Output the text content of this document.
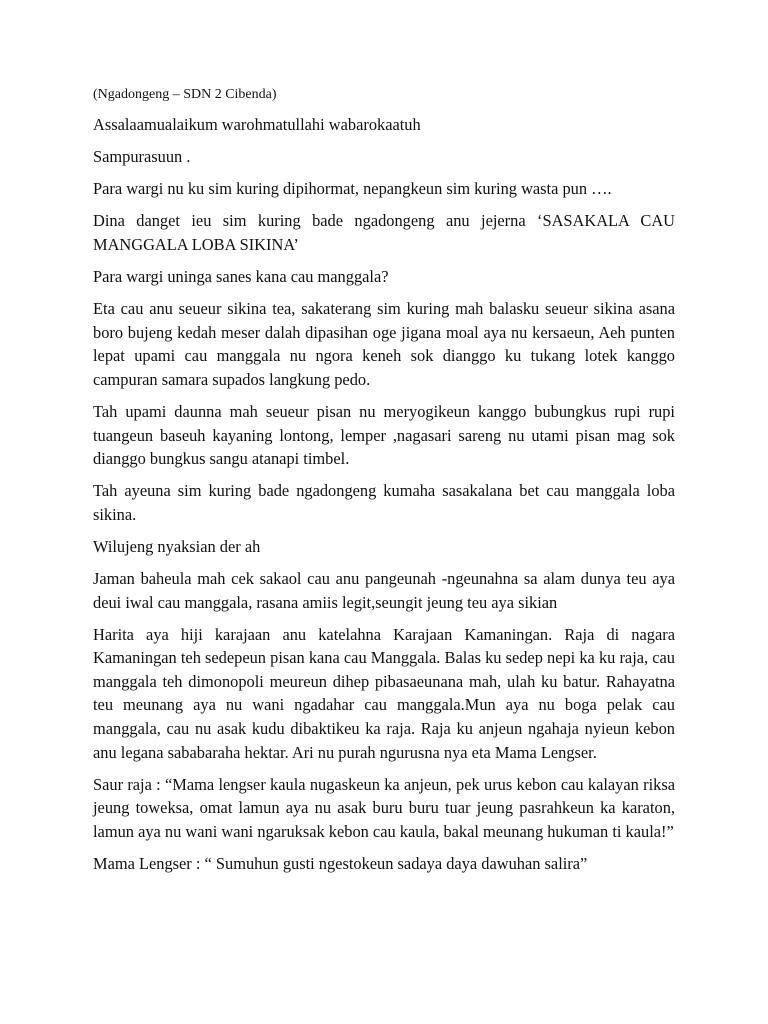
(Ngadongeng – SDN 2 Cibenda)

Assalaamualaikum warohmatullahi wabarokaatuh

Sampurasuun .

Para wargi nu ku sim kuring dipihormat, nepangkeun sim kuring wasta pun ….

Dina danget ieu sim kuring bade ngadongeng anu jejerna ‘SASAKALA CAU MANGGALA LOBA SIKINA’

Para wargi uninga sanes kana cau manggala?

Eta cau anu seueur sikina tea, sakaterang sim kuring mah balasku seueur sikina asana boro bujeng kedah meser dalah dipasihan oge jigana moal aya nu kersaeun, Aeh punten lepat upami cau manggala nu ngora keneh sok dianggo ku tukang lotek kanggo campuran samara supados langkung pedo.

Tah upami daunna mah seueur pisan nu meryogikeun kanggo bubungkus rupi rupi tuangeun baseuh kayaning lontong, lemper ,nagasari sareng nu utami pisan mag sok dianggo bungkus sangu atanapi timbel.

Tah ayeuna sim kuring bade ngadongeng kumaha sasakalana bet cau manggala loba sikina.

Wilujeng nyaksian der ah

Jaman baheula mah cek sakaol cau anu pangeunah -ngeunahna sa alam dunya teu aya deui iwal cau manggala, rasana amiis legit,seungit jeung teu aya sikian

Harita aya hiji karajaan anu katelahna Karajaan Kamaningan. Raja di nagara Kamaningan teh sedepeun pisan kana cau Manggala. Balas ku sedep nepi ka ku raja, cau manggala teh dimonopoli meureun dihep pibasaeunana mah, ulah ku batur. Rahayatna teu meunang aya nu wani ngadahar cau manggala.Mun aya nu boga pelak cau manggala, cau nu asak kudu dibaktikeu ka raja. Raja ku anjeun ngahaja nyieun kebon anu legana sababaraha hektar. Ari nu purah ngurusna nya eta Mama Lengser.

Saur raja : “Mama lengser kaula nugaskeun ka anjeun, pek urus kebon cau kalayan riksa jeung toweksa, omat lamun aya nu asak buru buru tuar jeung pasrahkeun ka karaton, lamun aya nu wani wani ngaruksak kebon cau kaula, bakal meunang hukuman ti kaula!”

Mama Lengser : “ Sumuhun gusti ngestokeun sadaya daya dawuhan salira”
